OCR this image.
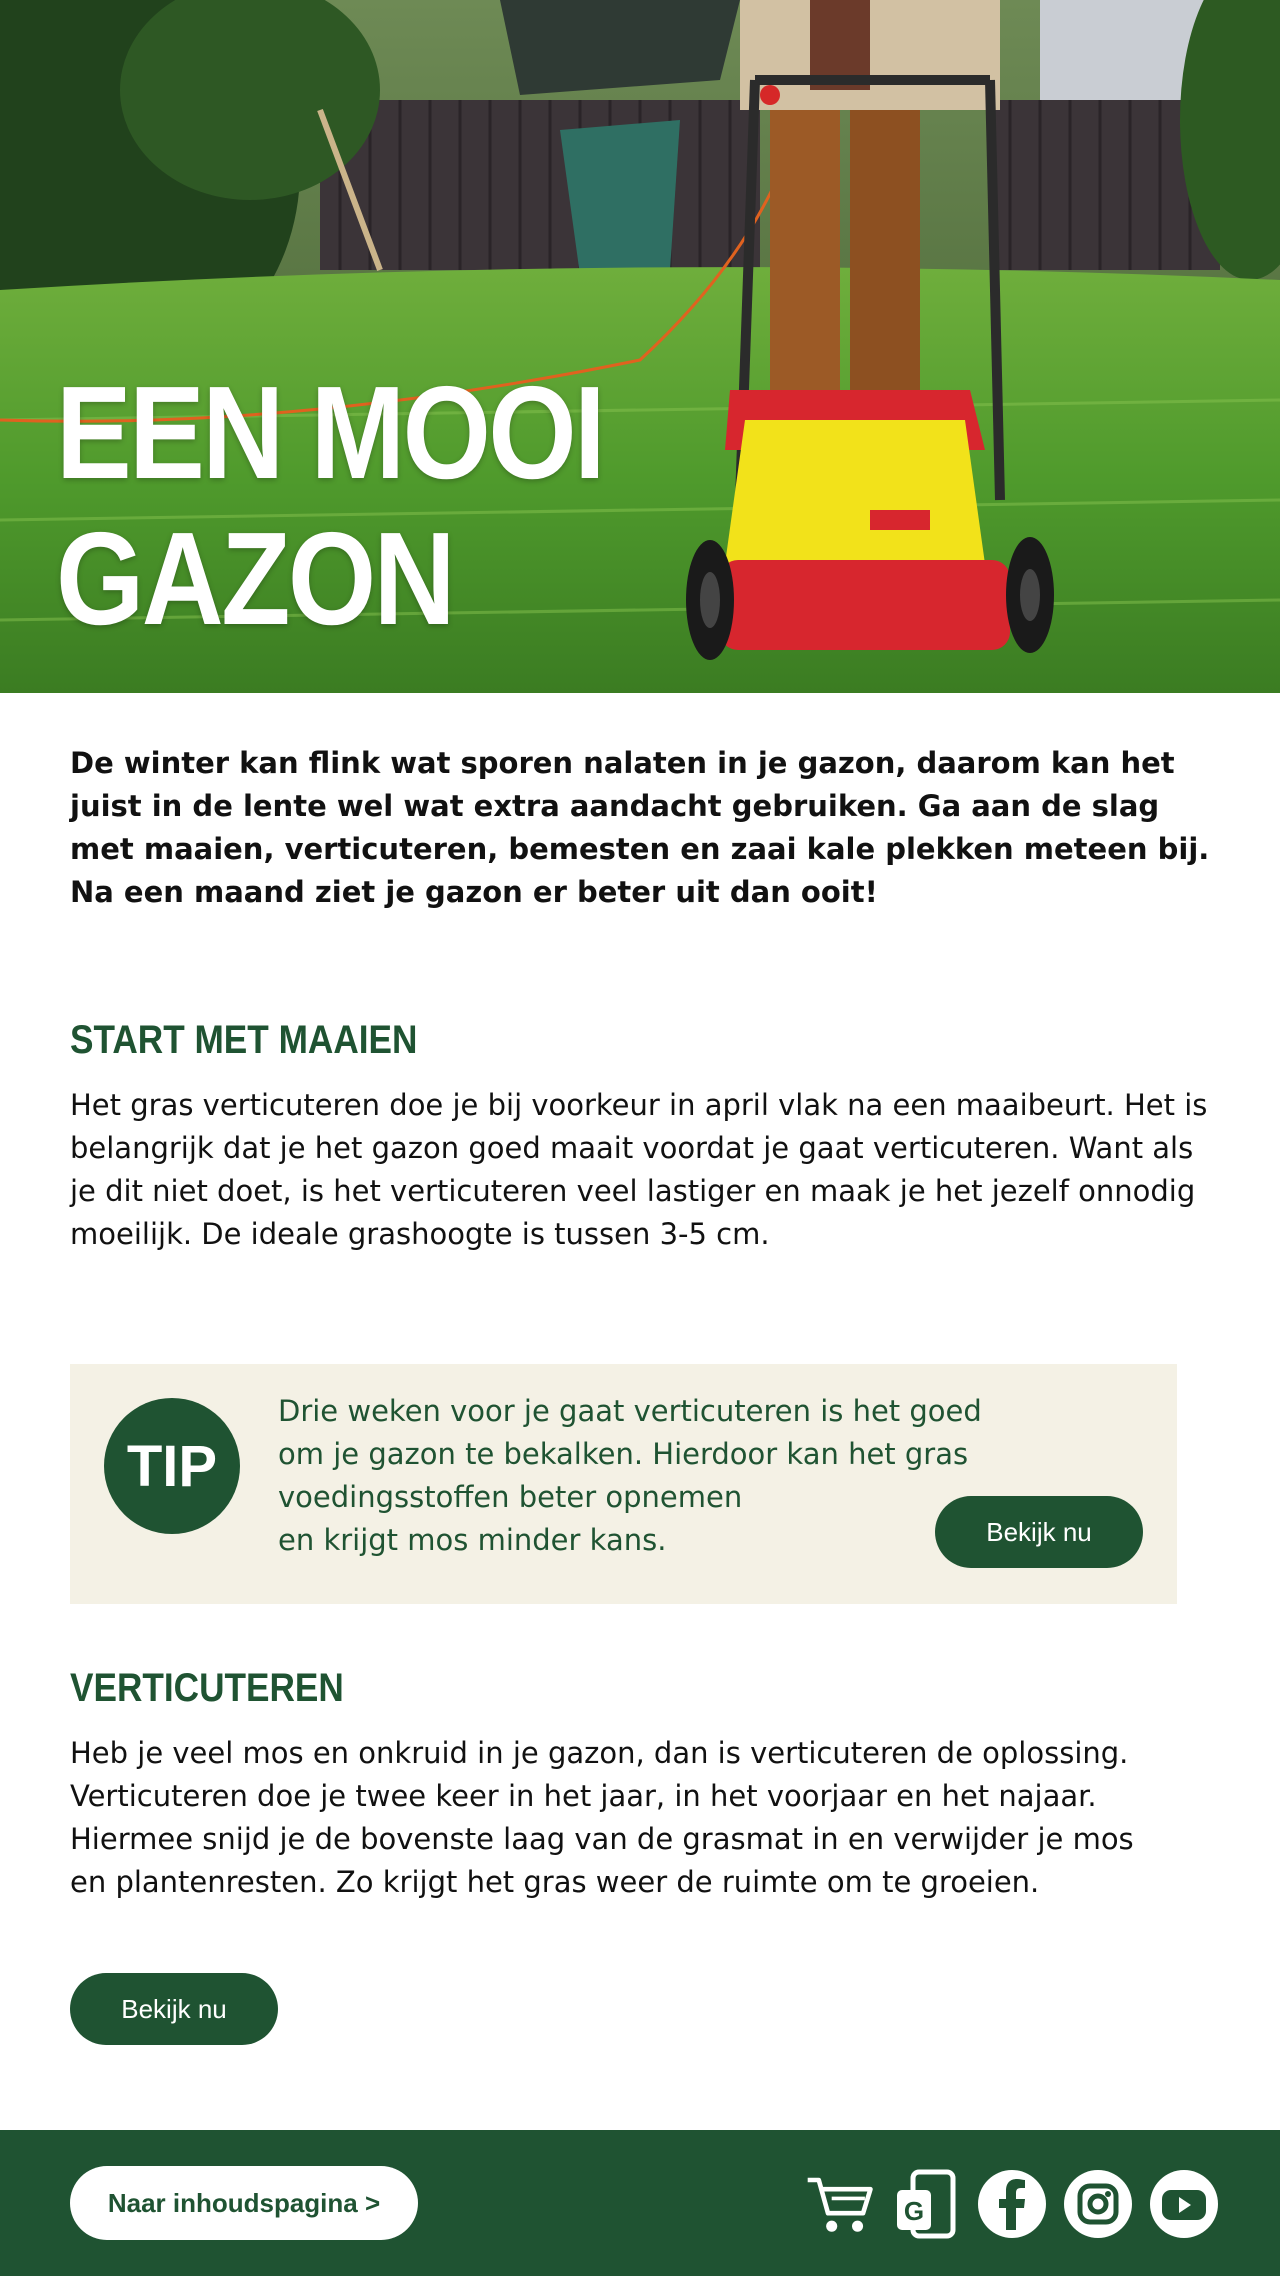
EEN MOOI
GAZON

De winter kan flink wat sporen nalaten in je gazon, daarom kan het juist in de lente wel wat extra aandacht gebruiken. Ga aan de slag met maaien, verticuteren, bemesten en zaai kale plekken meteen bij. Na een maand ziet je gazon er beter uit dan ooit!

START MET MAAIEN

Het gras verticuteren doe je bij voorkeur in april vlak na een maaibeurt. Het is belangrijk dat je het gazon goed maait voordat je gaat verticuteren. Want als je dit niet doet, is het verticuteren veel lastiger en maak je het jezelf onnodig moeilijk. De ideale grashoogte is tussen 3-5 cm.

TIP

Drie weken voor je gaat verticuteren is het goed
om je gazon te bekalken. Hierdoor kan het gras
voedingsstoffen beter opnemen
en krijgt mos minder kans.	Bekijk nu
VERTICUTEREN

Heb je veel mos en onkruid in je gazon, dan is verticuteren de oplossing. Verticuteren doe je twee keer in het jaar, in het voorjaar en het najaar. Hiermee snijd je de bovenste laag van de grasmat in en verwijder je mos en plantenresten. Zo krijgt het gras weer de ruimte om te groeien.

Bekijk nu
Naar inhoudspagina >	G
